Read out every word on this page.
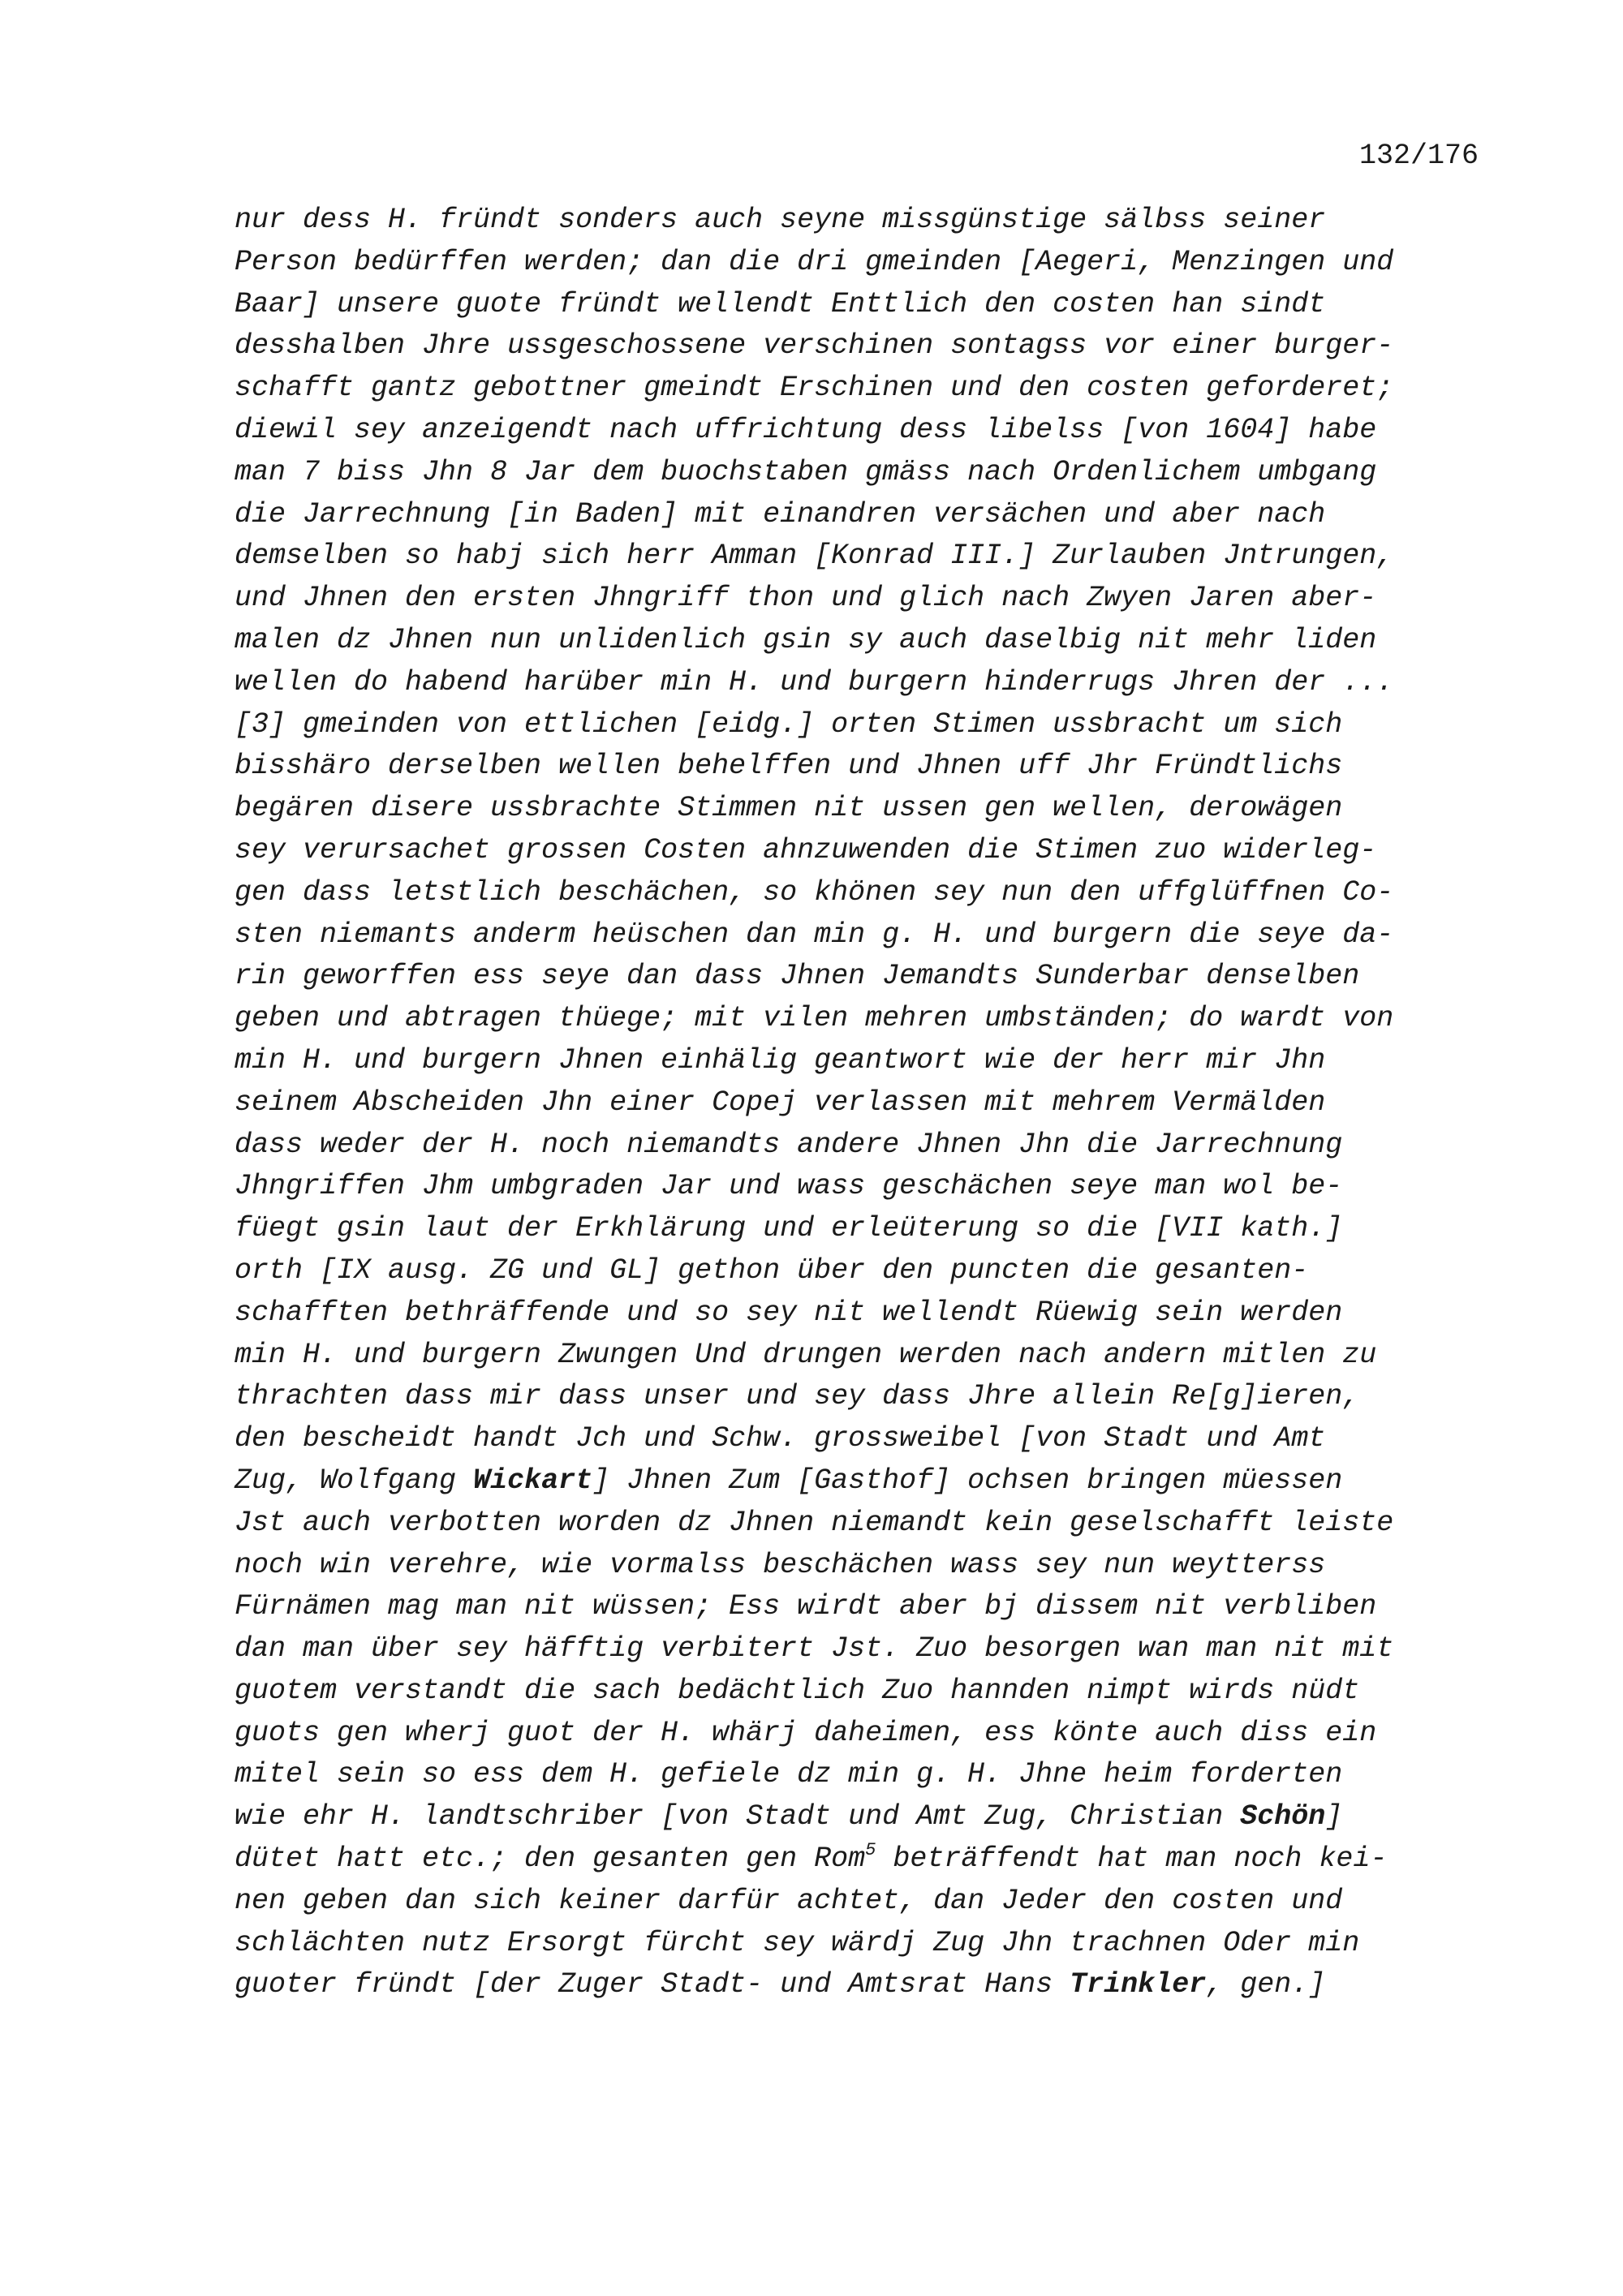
132/176
nur dess H. fründt sonders auch seyne missgünstige sälbss seiner
Person bedürffen werden; dan die dri gmeinden [Aegeri, Menzingen und
Baar] unsere guote fründt wellendt Enttlich den costen han sindt
desshalben Jhre ussgeschossene verschinen sontagss vor einer burger-
schafft gantz gebottner gmeindt Erschinen und den costen geforderet;
diewil sey anzeigendt nach uffrichtung dess libelss [von 1604] habe
man 7 biss Jhn 8 Jar dem buochstaben gmäss nach Ordenlichem umbgang
die Jarrechnung [in Baden] mit einandren versächen und aber nach
demselben so habj sich herr Amman [Konrad III.] Zurlauben Jntrungen,
und Jhnen den ersten Jhngriff thon und glich nach Zwyen Jaren aber-
malen dz Jhnen nun unlidenlich gsin sy auch daselbig nit mehr liden
wellen do habend harüber min H. und burgern hinderrugs Jhren der ...
[3] gmeinden von ettlichen [eidg.] orten Stimen ussbracht um sich
bisshäro derselben wellen behelffen und Jhnen uff Jhr Fründtlichs
begären disere ussbrachte Stimmen nit ussen gen wellen, derowägen
sey verursachet grossen Costen ahnzuwenden die Stimen zuo widerleg-
gen dass letstlich beschächen, so khönen sey nun den uffglüffnen Co-
sten niemants anderm heüschen dan min g. H. und burgern die seye da-
rin geworffen ess seye dan dass Jhnen Jemandts Sunderbar denselben
geben und abtragen thüege; mit vilen mehren umbständen; do wardt von
min H. und burgern Jhnen einhälig geantwort wie der herr mir Jhn
seinem Abscheiden Jhn einer Copej verlassen mit mehrem Vermälden
dass weder der H. noch niemandts andere Jhnen Jhn die Jarrechnung
Jhngriffen Jhm umbgraden Jar und wass geschächen seye man wol be-
füegt gsin laut der Erkhlärung und erleüterung so die [VII kath.]
orth [IX ausg. ZG und GL] gethon über den puncten die gesanten-
schafften bethräffende und so sey nit wellendt Rüewig sein werden
min H. und burgern Zwungen Und drungen werden nach andern mitlen zu
thrachten dass mir dass unser und sey dass Jhre allein Re[g]ieren,
den bescheidt handt Jch und Schw. grossweibel [von Stadt und Amt
Zug, Wolfgang Wickart] Jhnen Zum [Gasthof] ochsen bringen müessen
Jst auch verbotten worden dz Jhnen niemandt kein geselschafft leiste
noch win verehre, wie vormalss beschächen wass sey nun weytterss
Fürnämen mag man nit wüssen; Ess wirdt aber bj dissem nit verbliben
dan man über sey häfftig verbitert Jst. Zuo besorgen wan man nit mit
guotem verstandt die sach bedächtlich Zuo hannden nimpt wirds nüdt
guots gen wherj guot der H. whärj daheimen, ess könte auch diss ein
mitel sein so ess dem H. gefiele dz min g. H. Jhne heim forderten
wie ehr H. landtschriber [von Stadt und Amt Zug, Christian Schön]
dütet hatt etc.; den gesanten gen Rom$^5$ beträffendt hat man noch kei-
nen geben dan sich keiner darfür achtet, dan Jeder den costen und
schlächten nutz Ersorgt fürcht sey wärdj Zug Jhn trachnen Oder min
guoter fründt [der Zuger Stadt- und Amtsrat Hans Trinkler, gen.]
